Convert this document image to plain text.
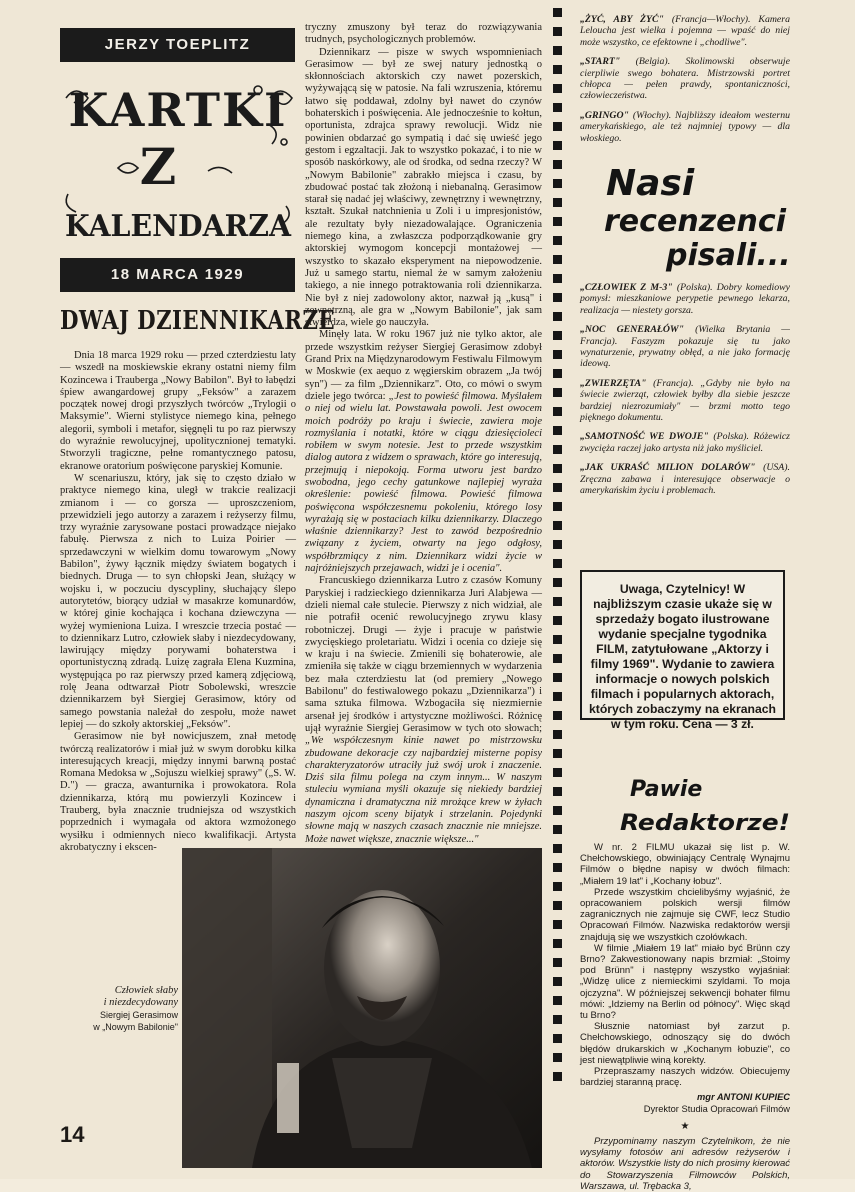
JERZY TOEPLITZ
KARTKI
Z
KALENDARZA
18 MARCA 1929
DWAJ DZIENNIKARZE

Dnia 18 marca 1929 roku — przed czterdziestu laty — wszedł na moskiewskie ekrany ostatni niemy film Kozincewa i Trauberga „Nowy Babilon". Był to łabędzi śpiew awangardowej grupy „Feksów" a zarazem początek nowej drogi przyszłych twórców „Trylogii o Maksymie". Wierni stylistyce niemego kina, pełnego alegorii, symboli i metafor, sięgnęli tu po raz pierwszy do wyraźnie rewolucyjnej, upolitycznionej tematyki. Stworzyli tragiczne, pełne romantycznego patosu, ekranowe oratorium poświęcone paryskiej Komunie.

W scenariuszu, który, jak się to często działo w praktyce niemego kina, uległ w trakcie realizacji zmianom i — co gorsza — uproszczeniom, przewidzieli jego autorzy a zarazem i reżyserzy filmu, trzy wyraźnie zarysowane postaci prowadzące niejako fabułę. Pierwsza z nich to Luiza Poirier — sprzedawczyni w wielkim domu towarowym „Nowy Babilon", żywy łącznik między światem bogatych i biednych. Druga — to syn chłopski Jean, służący w wojsku i, w poczuciu dyscypliny, słuchający ślepo autorytetów, biorący udział w masakrze komunardów, w której ginie kochająca i kochana dziewczyna — wyżej wymieniona Luiza. I wreszcie trzecia postać — to dziennikarz Lutro, człowiek słaby i niezdecydowany, lawirujący między porywami bohaterstwa i oportunistyczną zdradą. Luizę zagrała Elena Kuzmina, występująca po raz pierwszy przed kamerą zdjęciową, rolę Jeana odtwarzał Piotr Sobolewski, wreszcie dziennikarzem był Siergiej Gerasimow, który od samego powstania należał do zespołu, może nawet lepiej — do szkoły aktorskiej „Feksów".

Gerasimow nie był nowicjuszem, znał metodę twórczą realizatorów i miał już w swym dorobku kilka interesujących kreacji, między innymi barwną postać Romana Medoksa w „Sojuszu wielkiej sprawy" („S. W. D.") — gracza, awanturnika i prowokatora. Rola dziennikarza, którą mu powierzyli Kozincew i Trauberg, była znacznie trudniejsza od wszystkich poprzednich i wymagała od aktora wzmożonego wysiłku i odmiennych nieco kwalifikacji. Artysta akrobatyczny i ekscen-

tryczny zmuszony był teraz do rozwiązywania trudnych, psychologicznych problemów.

Dziennikarz — pisze w swych wspomnieniach Gerasimow — był ze swej natury jednostką o skłonnościach aktorskich czy nawet pozerskich, wyżywającą się w patosie. Na fali wzruszenia, któremu łatwo się poddawał, zdolny był nawet do czynów bohaterskich i poświęcenia. Ale jednocześnie to kołtun, oportunista, zdrajca sprawy rewolucji. Widz nie powinien obdarzać go sympatią i dać się uwieść jego gestom i egzaltacji. Jak to wszystko pokazać, i to nie w sposób naskórkowy, ale od środka, od sedna rzeczy? W „Nowym Babilonie" zabrakło miejsca i czasu, by zbudować postać tak złożoną i niebanalną. Gerasimow starał się nadać jej właściwy, zewnętrzny i wewnętrzny, kształt. Szukał natchnienia u Zoli i u impresjonistów, ale rezultaty były niezadowalające. Ograniczenia niemego kina, a zwłaszcza podporządkowanie gry aktorskiej wymogom koncepcji montażowej — wszystko to skazało eksperyment na niepowodzenie. Już u samego startu, niemal że w samym założeniu takiego, a nie innego potraktowania roli dziennikarza. Nie był z niej zadowolony aktor, nazwał ją „kusą" i zewnętrzną, ale gra w „Nowym Babilonie", jak sam stwierdza, wiele go nauczyła.

Minęły lata. W roku 1967 już nie tylko aktor, ale przede wszystkim reżyser Siergiej Gerasimow zdobył Grand Prix na Międzynarodowym Festiwalu Filmowym w Moskwie (ex aequo z węgierskim obrazem „Ja twój syn") — za film „Dziennikarz". Oto, co mówi o swym dziele jego twórca: „Jest to powieść filmowa. Myślałem o niej od wielu lat. Powstawała powoli. Jest owocem moich podróży po kraju i świecie, zawiera moje rozmyślania i notatki, które w ciągu dziesięcioleci robiłem w swym notesie. Jest to przede wszystkim dialog autora z widzem o sprawach, które go interesują, przejmują i niepokoją. Forma utworu jest bardzo swobodna, jego cechy gatunkowe najlepiej wyraża określenie: powieść filmowa. Powieść filmowa poświęcona współczesnemu pokoleniu, którego losy wyrażają się w postaciach kilku dziennikarzy. Dlaczego właśnie dziennikarzy? Jest to zawód bezpośrednio związany z życiem, otwarty na jego odgłosy, współbrzmiący z nim. Dziennikarz widzi życie w najróżniejszych przejawach, widzi je i ocenia".

Francuskiego dziennikarza Lutro z czasów Komuny Paryskiej i radzieckiego dziennikarza Juri Alabjewa — dzieli niemal całe stulecie. Pierwszy z nich widział, ale nie potrafił ocenić rewolucyjnego zrywu klasy robotniczej. Drugi — żyje i pracuje w państwie zwycięskiego proletariatu. Widzi i ocenia co dzieje się w kraju i na świecie. Zmienili się bohaterowie, ale zmieniła się także w ciągu brzemiennych w wydarzenia bez mała czterdziestu lat (od premiery „Nowego Babilonu" do festiwalowego pokazu „Dziennikarza") i sama sztuka filmowa. Wzbogaciła się niezmiernie arsenał jej środków i artystyczne możliwości. Różnicę ujął wyraźnie Siergiej Gerasimow w tych oto słowach; „We współczesnym kinie nawet po mistrzowsku zbudowane dekoracje czy najbardziej misterne popisy charakteryzatorów utraciły już swój urok i znaczenie. Dziś sila filmu polega na czym innym... W naszym stuleciu wymiana myśli okazuje się niekiedy bardziej dynamiczna i dramatyczna niż mrożące krew w żyłach naszym ojcom sceny bijatyk i strzelanin. Pojedynki słowne mają w naszych czasach znacznie nie mniejsze. Może nawet większe, znacznie większe..."

„ŻYĆ, ABY ŻYĆ" (Francja—Włochy). Kamera Leloucha jest wielka i pojemna — wpaść do niej może wszystko, ce efektowne i „chodliwe".

„START" (Belgia). Skolimowski obserwuje cierpliwie swego bohatera. Mistrzowski portret chłopca — pełen prawdy, spontaniczności, człowieczeństwa.

„GRINGO" (Włochy). Najbliższy ideałom westernu amerykańskiego, ale też najmniej typowy — dla włoskiego.

Nasi
recenzenci
pisali...

„CZŁOWIEK Z M-3" (Polska). Dobry komediowy pomysł: mieszkaniowe perypetie pewnego lekarza, realizacja — niestety gorsza.

„NOC GENERAŁÓW" (Wielka Brytania — Francja). Faszyzm pokazuje się tu jako wynaturzenie, prywatny obłęd, a nie jako formację ideową.

„ZWIERZĘTA" (Francja). „Gdyby nie było na świecie zwierząt, człowiek byłby dla siebie jeszcze bardziej niezrozumiały" — brzmi motto tego pięknego dokumentu.

„SAMOTNOŚĆ WE DWOJE" (Polska). Różewicz zwycięża raczej jako artysta niż jako myśliciel.

„JAK UKRAŚĆ MILION DOLARÓW" (USA). Zręczna zabawa i interesujące obserwacje o amerykańskim życiu i problemach.

Uwaga, Czytelnicy! W najbliższym czasie ukaże się w sprzedaży bogato ilustrowane wydanie specjalne tygodnika FILM, zatytułowane „Aktorzy i filmy 1969". Wydanie to zawiera informacje o nowych polskich filmach i popularnych aktorach, których zobaczymy na ekranach w tym roku. Cena — 3 zł.
Pawie
Redaktorze!

W nr. 2 FILMU ukazał się list p. W. Chełchowskiego, obwiniający Centralę Wynajmu Filmów o błędne napisy w dwóch filmach: „Miałem 19 lat" i „Kochany łobuz".

Przede wszystkim chcielibyśmy wyjaśnić, że opracowaniem polskich wersji filmów zagranicznych nie zajmuje się CWF, lecz Studio Opracowań Filmów. Nazwiska redaktorów wersji znajdują się we wszystkich czołówkach.

W filmie „Miałem 19 lat" miało być Brünn czy Brno? Zakwestionowany napis brzmiał: „Stoimy pod Brünn" i następny wszystko wyjaśniał: „Widzę ulice z niemieckimi szyldami. To moja ojczyzna". W późniejszej sekwencji bohater filmu mówi: „Idziemy na Berlin od północy". Więc skąd tu Brno?

Słusznie natomiast był zarzut p. Chełchowskiego, odnoszący się do dwóch błędów drukarskich w „Kochanym łobuzie", co jest niewątpliwie winą korekty.

Przepraszamy naszych widzów. Obiecujemy bardziej staranną pracę.

mgr ANTONI KUPIEC
Dyrektor Studia Opracowań Filmów
★

Przypominamy naszym Czytelnikom, że nie wysyłamy fotosów ani adresów reżyserów i aktorów. Wszystkie listy do nich prosimy kierować do Stowarzyszenia Filmowców Polskich, Warszawa, ul. Trębacka 3,

Człowiek słaby
i niezdecydowany
Siergiej Gerasimow
w „Nowym Babilonie"
14
